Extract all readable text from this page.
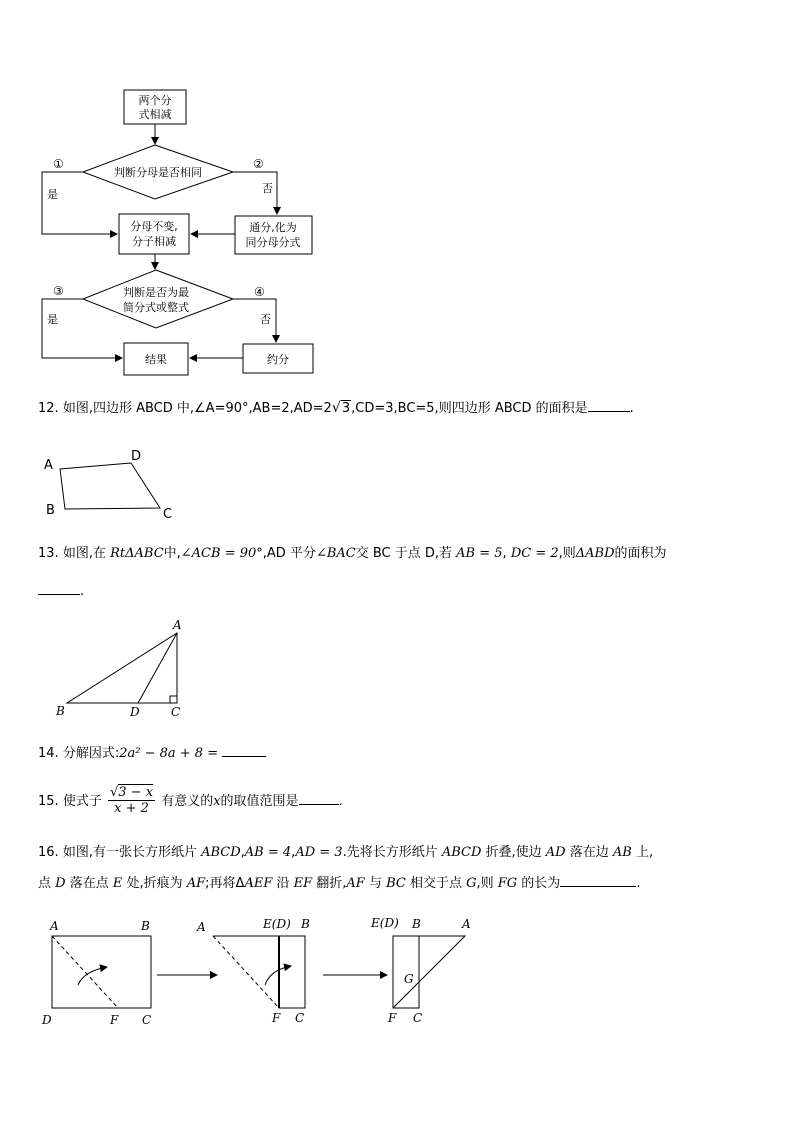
两个分
式相减
判断分母是否相同
①	②
是	否
分母不变,
分子相减
通分,化为
同分母分式
判断是否为最
简分式或整式
③	④
是	否
约分
结果
A
D
B	C
A
B	D	C
A	B
D	F C
A	E(D) B
F C
E(D) B	A
G
F C
12. 如图,四边形 ABCD 中,∠A=90°,AB=2,AD=2 √ 3,CD=3,BC=5,则四边形 ABCD 的面积是	.
13. 如图,在 RtΔABC中,∠ACB = 90°,AD 平分∠BAC交 BC 于点 D,若 AB = 5, DC = 2,则ΔABD的面积为
.
14. 分解因式:2a² − 8a + 8 =
15. 使式子 $\frac{√3 - x}{x + 2}$ 有意义的x的取值范围是	.
16. 如图,有一张长方形纸片 ABCD,AB = 4,AD = 3.先将长方形纸片 ABCD 折叠,使边 AD 落在边 AB 上,
点 D 落在点 E 处,折痕为 AF;再将ΔAEF 沿 EF 翻折,AF 与 BC 相交于点 G,则 FG 的长为	.
